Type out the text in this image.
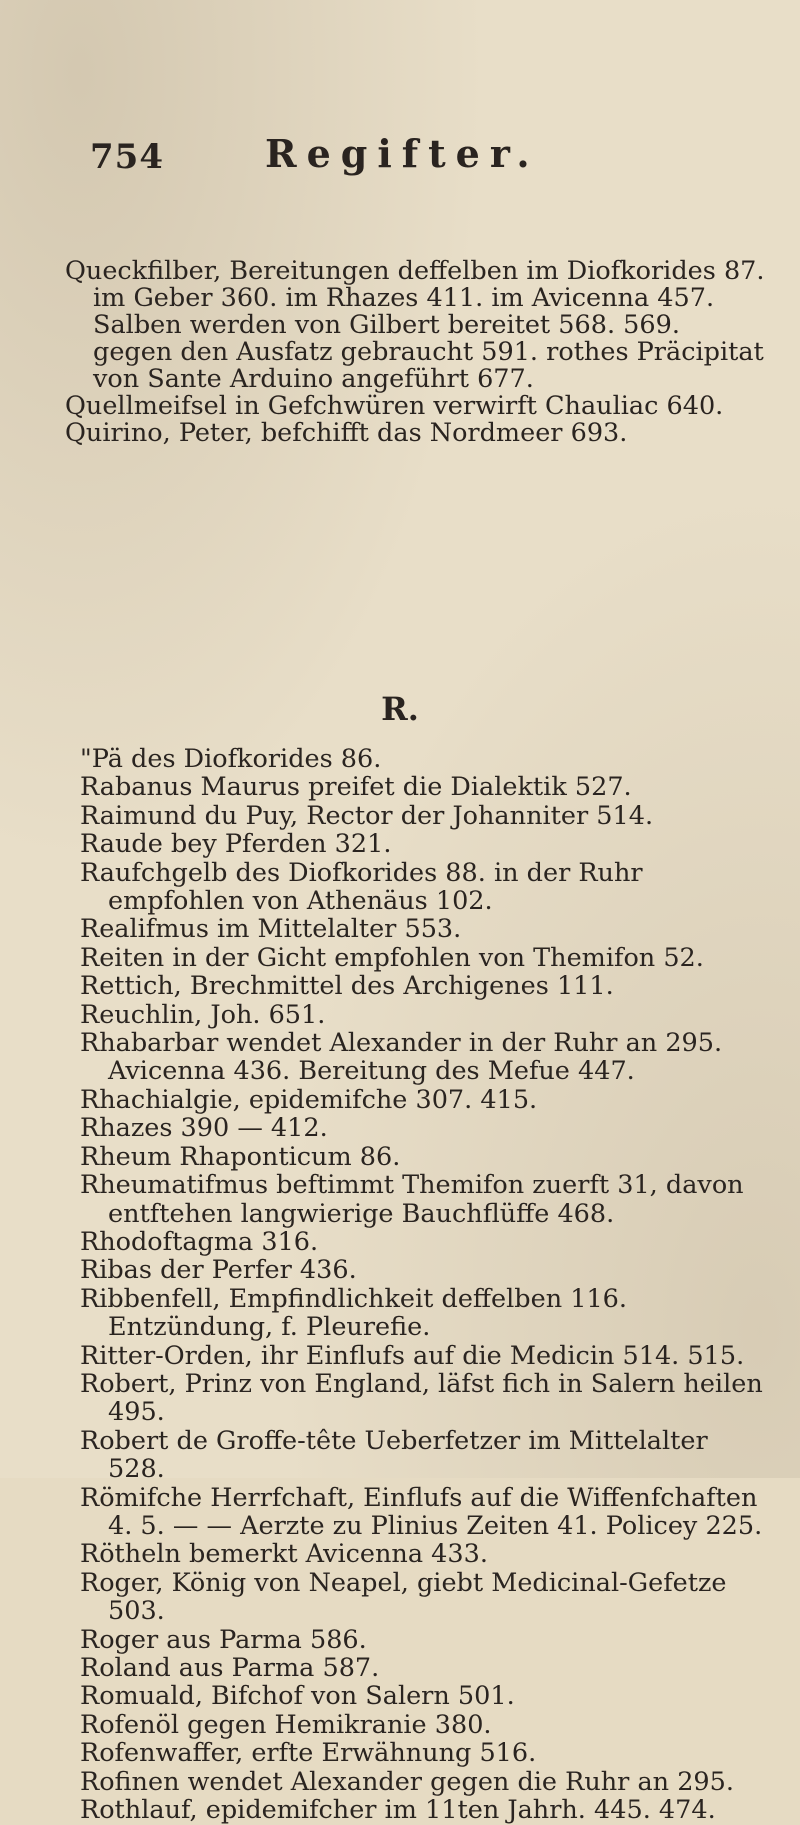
754	Regifter.

Queckfilber, Bereitungen deffelben im Diofkorides 87. im Geber 360. im Rhazes 411. im Avicenna 457. Salben werden von Gilbert bereitet 568. 569. gegen den Ausfatz gebraucht 591. rothes Präcipitat von Sante Arduino angeführt 677.

Quellmeifsel in Gefchwüren verwirft Chauliac 640.

Quirino, Peter, befchifft das Nordmeer 693.

R.

"Pä des Diofkorides 86.

Rabanus Maurus preifet die Dialektik 527.

Raimund du Puy, Rector der Johanniter 514.

Raude bey Pferden 321.

Raufchgelb des Diofkorides 88. in der Ruhr empfohlen von Athenäus 102.

Realifmus im Mittelalter 553.

Reiten in der Gicht empfohlen von Themifon 52.

Rettich, Brechmittel des Archigenes 111.

Reuchlin, Joh. 651.

Rhabarbar wendet Alexander in der Ruhr an 295. Avicenna 436. Bereitung des Mefue 447.

Rhachialgie, epidemifche 307. 415.

Rhazes 390 — 412.

Rheum Rhaponticum 86.

Rheumatifmus beftimmt Themifon zuerft 31, davon entftehen langwierige Bauchflüffe 468.

Rhodoftagma 316.

Ribas der Perfer 436.

Ribbenfell, Empfindlichkeit deffelben 116. Entzündung, f. Pleurefie.

Ritter-Orden, ihr Einflufs auf die Medicin 514. 515.

Robert, Prinz von England, läfst fich in Salern heilen 495.

Robert de Groffe-tête Ueberfetzer im Mittelalter 528.

Römifche Herrfchaft, Einflufs auf die Wiffenfchaften 4. 5. — — Aerzte zu Plinius Zeiten 41. Policey 225.

Rötheln bemerkt Avicenna 433.

Roger, König von Neapel, giebt Medicinal-Gefetze 503.

Roger aus Parma 586.

Roland aus Parma 587.

Romuald, Bifchof von Salern 501.

Rofenöl gegen Hemikranie 380.

Rofenwaffer, erfte Erwähnung 516.

Rofinen wendet Alexander gegen die Ruhr an 295.

Rothlauf, epidemifcher im 11ten Jahrh. 445. 474.
